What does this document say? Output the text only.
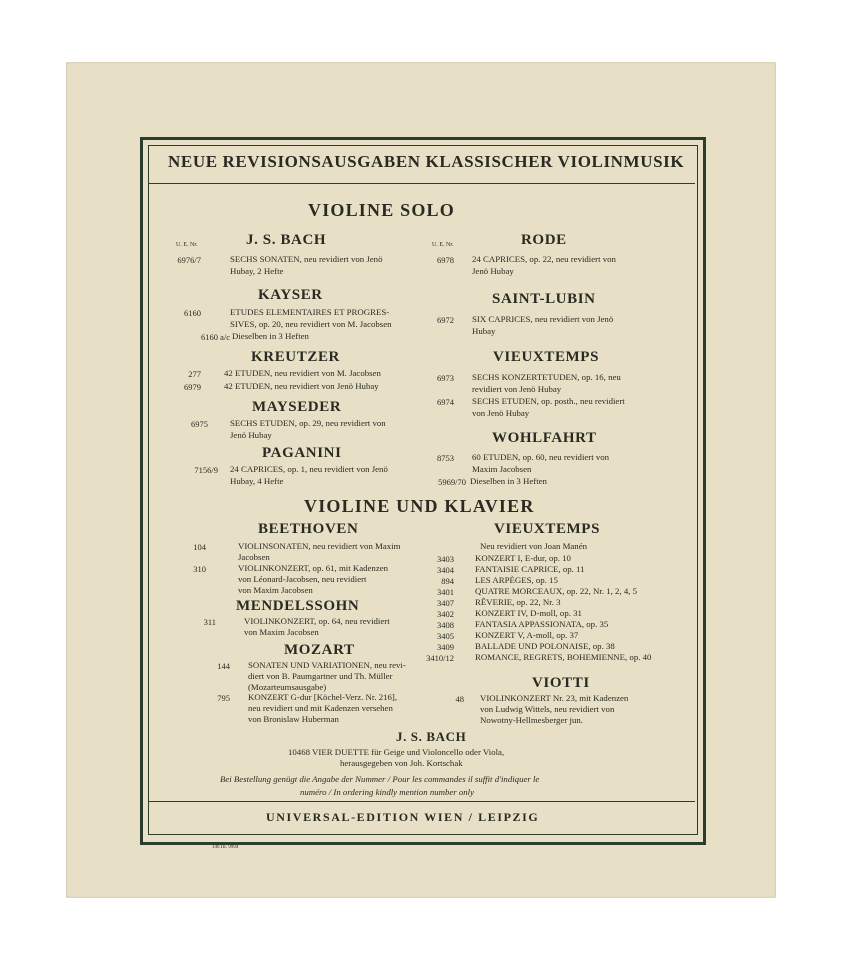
NEUE REVISIONSAUSGABEN KLASSISCHER VIOLINMUSIK
VIOLINE SOLO
U. E. Nr.	U. E. Nr.
J. S. BACH
6976/7	SECHS SONATEN, neu revidiert von Jenö
Hubay, 2 Hefte
KAYSER
6160	ETUDES ELEMENTAIRES ET PROGRES-
SIVES, op. 20, neu revidiert von M. Jacobsen
6160 a/c Dieselben in 3 Heften
KREUTZER
277	42 ETUDEN, neu revidiert von M. Jacobsen
6979	42 ETUDEN, neu revidiert von Jenö Hubay
MAYSEDER
6975	SECHS ETUDEN, op. 29, neu revidiert von
Jenö Hubay
PAGANINI
7156/9 24 CAPRICES, op. 1, neu revidiert von Jenö
Hubay, 4 Hefte
RODE
6978 24 CAPRICES, op. 22, neu revidiert von
Jenö Hubay
SAINT-LUBIN
6972 SIX CAPRICES, neu revidiert von Jenö
Hubay
VIEUXTEMPS
6973 SECHS KONZERTETUDEN, op. 16, neu
revidiert von Jenö Hubay
6974 SECHS ETUDEN, op. posth., neu revidiert
von Jenö Hubay
WOHLFAHRT
8753 60 ETUDEN, op. 60, neu revidiert von
Maxim Jacobsen
5969/70 Dieselben in 3 Heften
VIOLINE UND KLAVIER
BEETHOVEN
104	VIOLINSONATEN, neu revidiert von Maxim
Jacobsen
310	VIOLINKONZERT, op. 61, mit Kadenzen
von Léonard-Jacobsen, neu revidiert
von Maxim Jacobsen
MENDELSSOHN
311	VIOLINKONZERT, op. 64, neu revidiert
von Maxim Jacobsen
MOZART
144 SONATEN UND VARIATIONEN, neu revi-
diert von B. Paumgartner und Th. Müller
(Mozarteumsausgabe)
795 KONZERT G-dur [Köchel-Verz. Nr. 216],
neu revidiert und mit Kadenzen versehen
von Bronislaw Huberman
VIEUXTEMPS
Neu revidiert von Joan Manén
3403 KONZERT I, E-dur, op. 10
3404 FANTAISIE CAPRICE, op. 11
894 LES ARPÈGES, op. 15
3401 QUATRE MORCEAUX, op. 22, Nr. 1, 2, 4, 5
3407 RÊVERIE, op. 22, Nr. 3
3402 KONZERT IV, D-moll, op. 31
3408 FANTASIA APPASSIONATA, op. 35
3405 KONZERT V, A-moll, op. 37
3409 BALLADE UND POLONAISE, op. 38
3410/12 ROMANCE, REGRETS, BOHEMIENNE, op. 40
VIOTTI
48 VIOLINKONZERT Nr. 23, mit Kadenzen
von Ludwig Wittels, neu revidiert von
Nowotny-Hellmesberger jun.
J. S. BACH
10468 VIER DUETTE für Geige und Violoncello oder Viola,
herausgegeben von Joh. Kortschak
Bei Bestellung genügt die Angabe der Nummer / Pour les commandes il suffit d'indiquer le
numéro / In ordering kindly mention number only
UNIVERSAL-EDITION WIEN / LEIPZIG
146 III. 9994
